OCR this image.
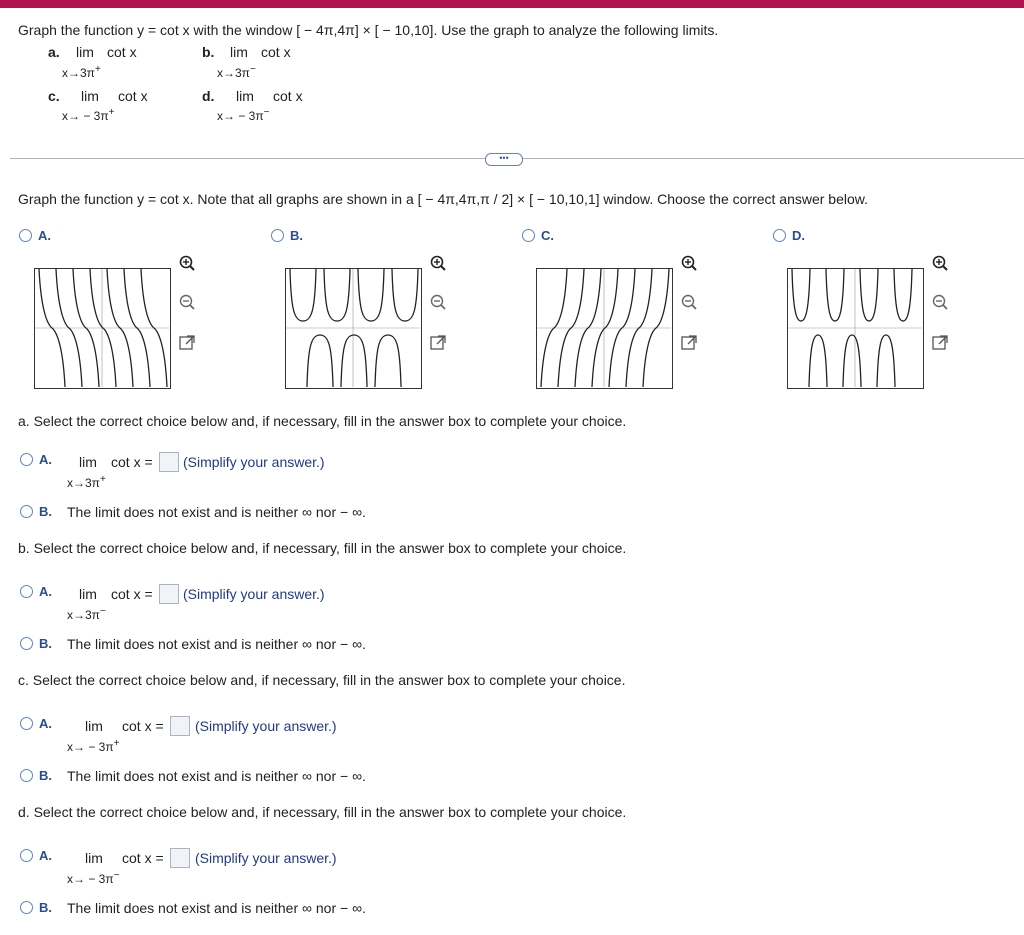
Graph the function y = cot x with the window [ − 4π,4π] × [ − 10,10]. Use the graph to analyze the following limits.
a. lim cot x
x→3π+
b. lim cot x
x→3π−
c. lim cot x
x→ − 3π+
d. lim cot x
x→ − 3π−
•••
Graph the function y = cot x. Note that all graphs are shown in a [ − 4π,4π,π / 2] × [ − 10,10,1] window. Choose the correct answer below.
A.	B.	C.	D.
a. Select the correct choice below and, if necessary, fill in the answer box to complete your choice.
A. lim cot x = (Simplify your answer.)
x→3π+
B. The limit does not exist and is neither ∞ nor − ∞.
b. Select the correct choice below and, if necessary, fill in the answer box to complete your choice.
A. lim cot x = (Simplify your answer.)
x→3π−
B. The limit does not exist and is neither ∞ nor − ∞.
c. Select the correct choice below and, if necessary, fill in the answer box to complete your choice.
A. lim cot x = (Simplify your answer.)
x→ − 3π+
B. The limit does not exist and is neither ∞ nor − ∞.
d. Select the correct choice below and, if necessary, fill in the answer box to complete your choice.
A. lim cot x = (Simplify your answer.)
x→ − 3π−
B. The limit does not exist and is neither ∞ nor − ∞.
